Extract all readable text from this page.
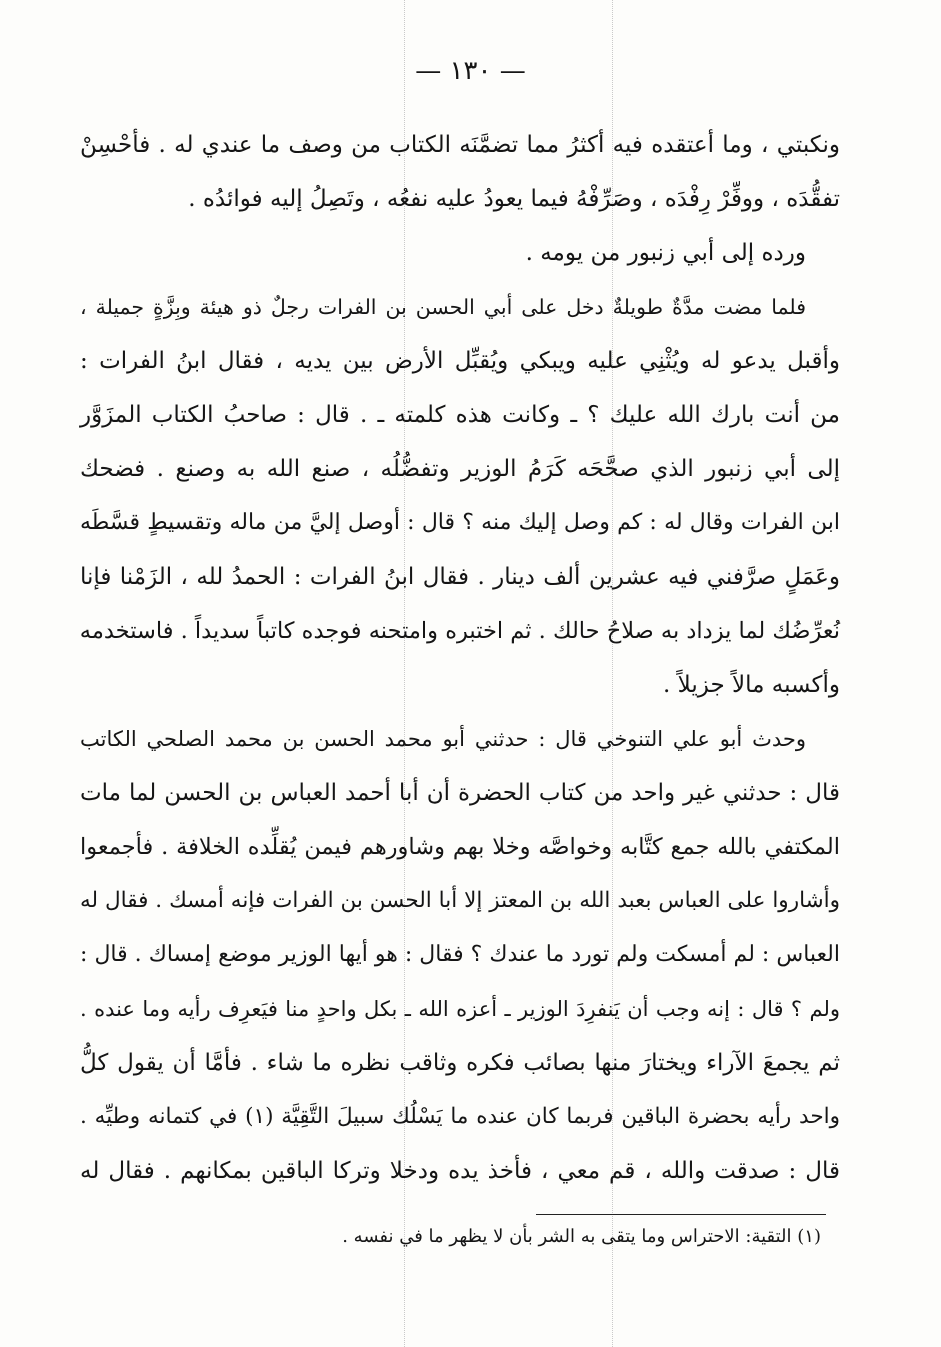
— ١٣٠ —
ونكبتي ، وما أعتقده فيه أكثرُ مما تضمَّنَه الكتاب من وصف ما عندي له . فأحْسِنْ
تفقُّدَه ، ووفِّرْ رِفْدَه ، وصَرِّفْهُ فيما يعودُ عليه نفعُه ، وتَصِلُ إليه فوائدُه .
ورده إلى أبي زنبور من يومه .
فلما مضت مدَّةٌ طويلةٌ دخل على أبي الحسن بن الفرات رجلٌ ذو هيئة وبِزَّةٍ جميلة ،
وأقبل يدعو له ويُثْنِي عليه ويبكي ويُقبِّل الأرض بين يديه ، فقال ابنُ الفرات :
من أنت بارك الله عليك ؟ ـ وكانت هذه كلمته ـ . قال : صاحبُ الكتاب المزَوَّر
إلى أبي زنبور الذي صحَّحَه كَرَمُ الوزير وتفضُّلُه ، صنع الله به وصنع . فضحك
ابن الفرات وقال له : كم وصل إليك منه ؟ قال : أوصل إليَّ من ماله وتقسيطٍ قسَّطَه
وعَمَلٍ صرَّفني فيه عشرين ألف دينار . فقال ابنُ الفرات : الحمدُ لله ، الزَمْنا فإنا
نُعرِّضُك لما يزداد به صلاحُ حالك . ثم اختبره وامتحنه فوجده كاتباً سديداً . فاستخدمه
وأكسبه مالاً جزيلاً .
وحدث أبو علي التنوخي قال : حدثني أبو محمد الحسن بن محمد الصلحي الكاتب
قال : حدثني غير واحد من كتاب الحضرة أن أبا أحمد العباس بن الحسن لما مات
المكتفي بالله جمع كتَّابه وخواصَّه وخلا بهم وشاورهم فيمن يُقلِّده الخلافة . فأجمعوا
وأشاروا على العباس بعبد الله بن المعتز إلا أبا الحسن بن الفرات فإنه أمسك . فقال له
العباس : لم أمسكت ولم تورد ما عندك ؟ فقال : هو أيها الوزير موضع إمساك . قال :
ولم ؟ قال : إنه وجب أن يَنفرِدَ الوزير ـ أعزه الله ـ بكل واحدٍ منا فيَعرِف رأيه وما عنده .
ثم يجمعَ الآراء ويختارَ منها بصائب فكره وثاقب نظره ما شاء . فأمَّا أن يقول كلُّ
واحد رأيه بحضرة الباقين فربما كان عنده ما يَسْلُك سبيلَ التَّقِيَّة (١) في كتمانه وطيِّه .
قال : صدقت والله ، قم معي ، فأخذ يده ودخلا وتركا الباقين بمكانهم . فقال له
(١) التقية: الاحتراس وما يتقى به الشر بأن لا يظهر ما في نفسه .
